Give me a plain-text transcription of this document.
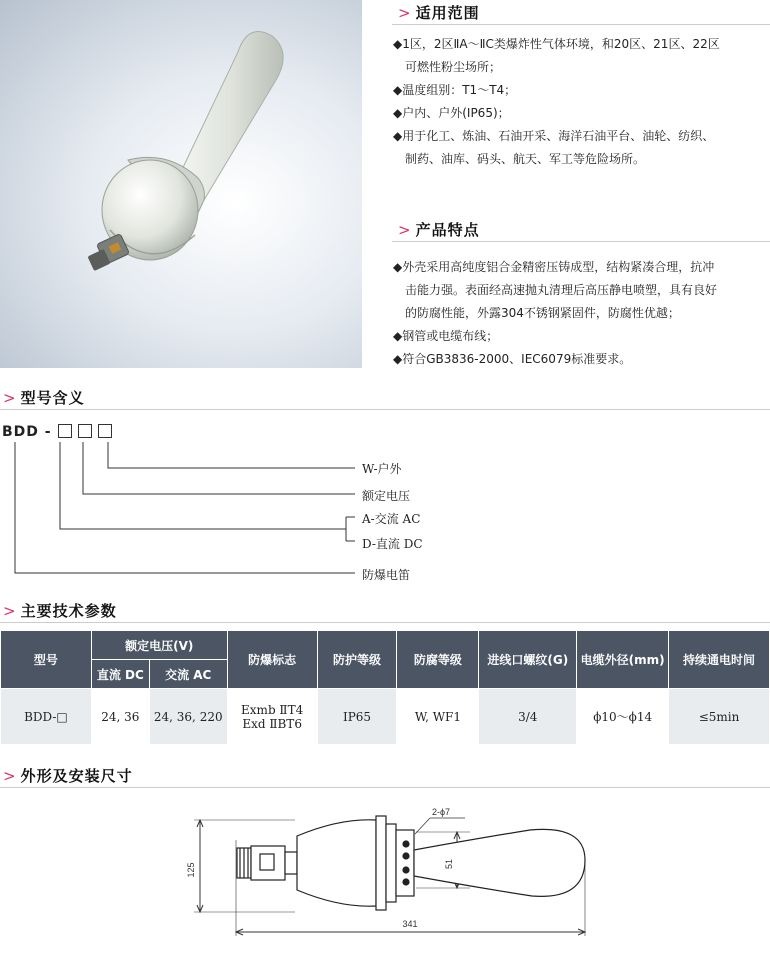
> 适用范围

◆1区，2区ⅡA～ⅡC类爆炸性气体环境，和20区、21区、22区

可燃性粉尘场所；

◆温度组别：T1～T4；

◆户内、户外(IP65)；

◆用于化工、炼油、石油开采、海洋石油平台、油轮、纺织、

制药、油库、码头、航天、军工等危险场所。

> 产品特点

◆外壳采用高纯度铝合金精密压铸成型，结构紧凑合理，抗冲

击能力强。表面经高速抛丸清理后高压静电喷塑，具有良好

的防腐性能，外露304不锈钢紧固件，防腐性优越；

◆钢管或电缆布线；

◆符合GB3836-2000、IEC6079标准要求。

> 型号含义
BDD -
W-户外
额定电压
A-交流 AC
D-直流 DC
防爆电笛
> 主要技术参数
型号	额定电压(V)		防爆标志	防护等级	防腐等级	进线口螺纹(G)	电缆外径(mm)	持续通电时间
	直流 DC	交流 AC						
BDD-□	24, 36	24, 36, 220	Exmb ⅡT4
Exd ⅡBT6	IP65	W, WF1	3/4	ϕ10～ϕ14	≤5min
> 外形及安装尺寸
125
341
51
2-ϕ7
